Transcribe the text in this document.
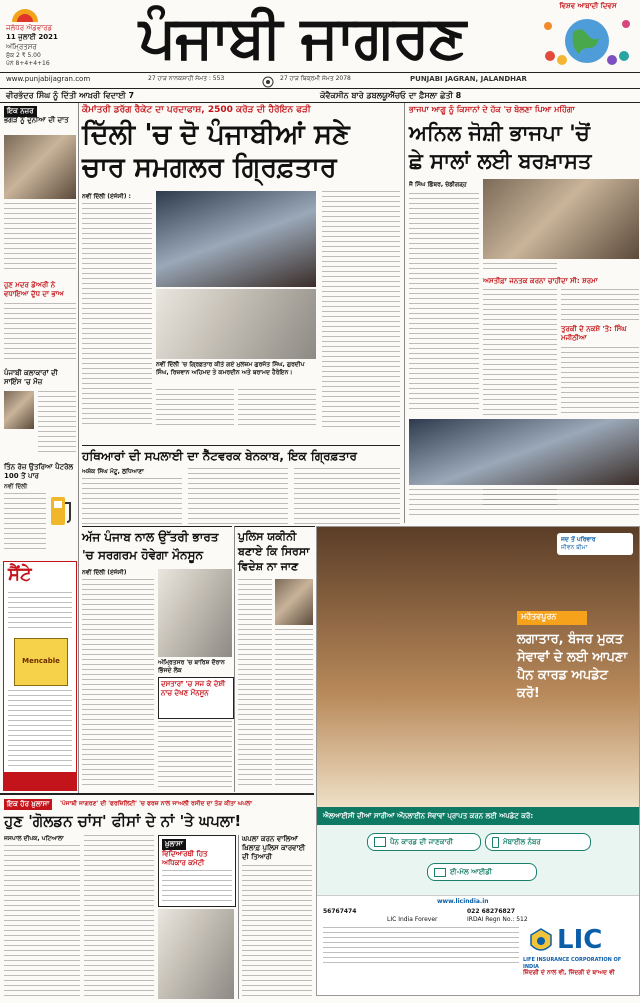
ਜਲੰਧਰ ਐਡਵਾਰਡ
11 ਜੁਲਾਈ 2021
ਅੰਮ੍ਰਿਤਸਰ
ਸੁੱਕ 2 ₹ 5.00
ਪੰਨੇ 8+4+4+16	ਪੰਜਾਬੀ ਜਾਗਰਣ	ਵਿਸ਼ਵ ਆਬਾਦੀ ਦਿਵਸ
www.punjabijagran.com	27 ਹਾੜ ਨਾਨਕਸ਼ਾਹੀ ਸੰਮਤ : 553	27 ਹਾੜ ਬਿਕ੍ਰਮੀ ਸੰਮਤ 2078	PUNJABI JAGRAN, JALANDHAR
ਵੀਰਭੱਦਰ ਸਿੰਘ ਨੂੰ ਦਿੱਤੀ ਆਖ਼ਰੀ ਵਿਦਾਈ 7	ਕੋਵੈਕਸੀਨ ਬਾਰੇ ਡਬਲਯੂਐੱਚਓ ਦਾ ਫ਼ੈਸਲਾ ਛੇਤੀ 8
ਇਕ ਨਜ਼ਰ
ਭੰਗੜੇ ਨੂੰ ਦੁਨੀਆ ਦੀ ਦਾਤ
ਹੁਣ ਮਦਰ ਡੇਅਰੀ ਨੇ ਵਧਾਇਆ ਦੁੱਧ ਦਾ ਭਾਅ
ਪੰਜਾਬੀ ਕਲਾਕਾਰਾਂ ਦੀ ਸਾਇੰਸ 'ਚ ਮੌਜ਼
ਤਿੰਨ ਰੋਜ਼ ਉਤਰਿਆ ਪੈਟਰੋਲ 100 ਤੋਂ ਪਾਰ
ਨਵੀਂ ਦਿੱਲੀ
ਸੈਂਟੇ
Mencable
ਕੌਮਾਂਤਰੀ ਡਰੱਗ ਰੈਕੇਟ ਦਾ ਪਰਦਾਫਾਸ਼, 2500 ਕਰੋੜ ਦੀ ਹੈਰੋਇਨ ਫੜੀ
ਦਿੱਲੀ 'ਚ ਦੋ ਪੰਜਾਬੀਆਂ ਸਣੇ
ਚਾਰ ਸਮਗਲਰ ਗ੍ਰਿਫ਼ਤਾਰ
ਨਵੀਂ ਦਿੱਲੀ (ਏਜੰਸੀ) :
ਨਵੀਂ ਦਿੱਲੀ 'ਚ ਗ੍ਰਿਫ਼ਤਾਰ ਕੀਤੇ ਗਏ ਮੁਲਜ਼ਮ ਗੁਰਜੋਤ ਸਿੰਘ, ਗੁਰਦੀਪ ਸਿੰਘ, ਰਿਜ਼ਵਾਨ ਅਹਿਮਦ ਤੇ ਕਮਰਦੀਨ ਅਤੇ ਬਰਾਮਦ ਹੈਰੋਇਨ।
ਭਾਜਪਾ ਆਗੂ ਨੂੰ ਕਿਸਾਨਾਂ ਦੇ ਹੱਕ 'ਚ ਬੋਲਣਾ ਪਿਆ ਮਹਿੰਗਾ
ਅਨਿਲ ਜੋਸ਼ੀ ਭਾਜਪਾ 'ਚੋਂ
ਛੇ ਸਾਲਾਂ ਲਈ ਬਰਖ਼ਾਸਤ
ਜੈ ਸਿੰਘ ਛਿੱਬਰ, ਚੰਡੀਗੜ੍ਹ
ਅਸਤੀਫ਼ਾ ਜਨਤਕ ਕਰਨਾ ਚਾਹੀਦਾ ਸੀ: ਸ਼ਰਮਾ
ਤੁਰਕੀ ਦੇ ਨਕਸ਼ੇ 'ਤੇ: ਸਿੰਘ ਮਜੀਠੀਆ
ਹਥਿਆਰਾਂ ਦੀ ਸਪਲਾਈ ਦਾ ਨੈੱਟਵਰਕ ਬੇਨਕਾਬ, ਇਕ ਗ੍ਰਿਫ਼ਤਾਰ
ਅਸ਼ੋਕ ਸਿੰਘ ਮੱਟੂ, ਲੁਧਿਆਣਾ
ਅੱਜ ਪੰਜਾਬ ਨਾਲ ਉੱਤਰੀ ਭਾਰਤ
'ਚ ਸਰਗਰਮ ਹੋਵੇਗਾ ਮੌਨਸੂਨ
ਨਵੀਂ ਦਿੱਲੀ (ਏਜੰਸੀ)
ਅੰਮ੍ਰਿਤਸਰ 'ਚ ਬਾਰਿਸ਼ ਦੌਰਾਨ ਭਿੱਜਦੇ ਲੋਕ
ਦਸਤਾਰਾਂ 'ਚ ਸਜ ਕੇ ਦੇਸ਼ੀ ਨਾਚ ਦੇਖਣ ਮੌਨਸੂਨ
ਪੁਲਿਸ ਯਕੀਨੀ
ਬਣਾਏ ਕਿ ਸਿਰਸਾ
ਵਿਦੇਸ਼ ਨਾ ਜਾਣ
ਜਦ ਤੋਂ ਪਰਿਵਾਰ
ਜੀਵਨ ਬੀਮਾ
ਮਹੱਤਵਪੂਰਨ
ਲਗਾਤਾਰ, ਬੰਜਰ ਮੁਕਤ ਸੇਵਾਵਾਂ ਦੇ ਲਈ ਆਪਣਾ ਪੈਨ ਕਾਰਡ ਅਪਡੇਟ ਕਰੋ!
ਐਲਆਈਸੀ ਦੀਆਂ ਸਾਰੀਆਂ ਔਨਲਾਈਨ ਸੇਵਾਵਾਂ ਪ੍ਰਾਪਤ ਕਰਨ ਲਈ ਅਪਡੇਟ ਕਰੋ:
ਪੈਨ ਕਾਰਡ ਦੀ ਜਾਣਕਾਰੀ	ਮੋਬਾਈਲ ਨੰਬਰ
ਈ-ਮੇਲ ਆਈਡੀ
www.licindia.in
56767474	022 68276827
LIC India Forever	IRDAI Regn No.: 512
LIC
LIFE INSURANCE CORPORATION OF INDIA
ਜ਼ਿੰਦਗੀ ਦੇ ਨਾਲ ਵੀ, ਜ਼ਿੰਦਗੀ ਦੇ ਬਾਅਦ ਵੀ
ਇਕ ਹੋਰ ਖ਼ੁਲਾਸਾ	'ਪੰਜਾਬੀ ਜਾਗਰਣ' ਦੀ 'ਫਰਜ਼ਿਲਿਟੀ' 'ਚ ਫਰਜ਼ ਨਾਲ ਜਾਅਲੀ ਰਸੀਦ ਦਾ ਤੋੜ ਕੀਤਾ ਘਪਲਾ
ਹੁਣ 'ਗੋਲਡਨ ਚਾਂਸ' ਫੀਸਾਂ ਦੇ ਨਾਂ 'ਤੇ ਘਪਲਾ!
ਜਸਪਾਲ ਦੀਪਕ, ਪਟਿਆਲਾ
ਖ਼ੁਲਾਸਾ
ਵਿਦਿਆਰਥੀ ਹਿਤ ਅਧਿਕਾਰ ਕਮੇਟੀ
ਘਪਲਾ ਕਰਨ ਵਾਲਿਆਂ ਖ਼ਿਲਾਫ਼ ਪੁਲਿਸ ਕਾਰਵਾਈ ਦੀ ਤਿਆਰੀ
